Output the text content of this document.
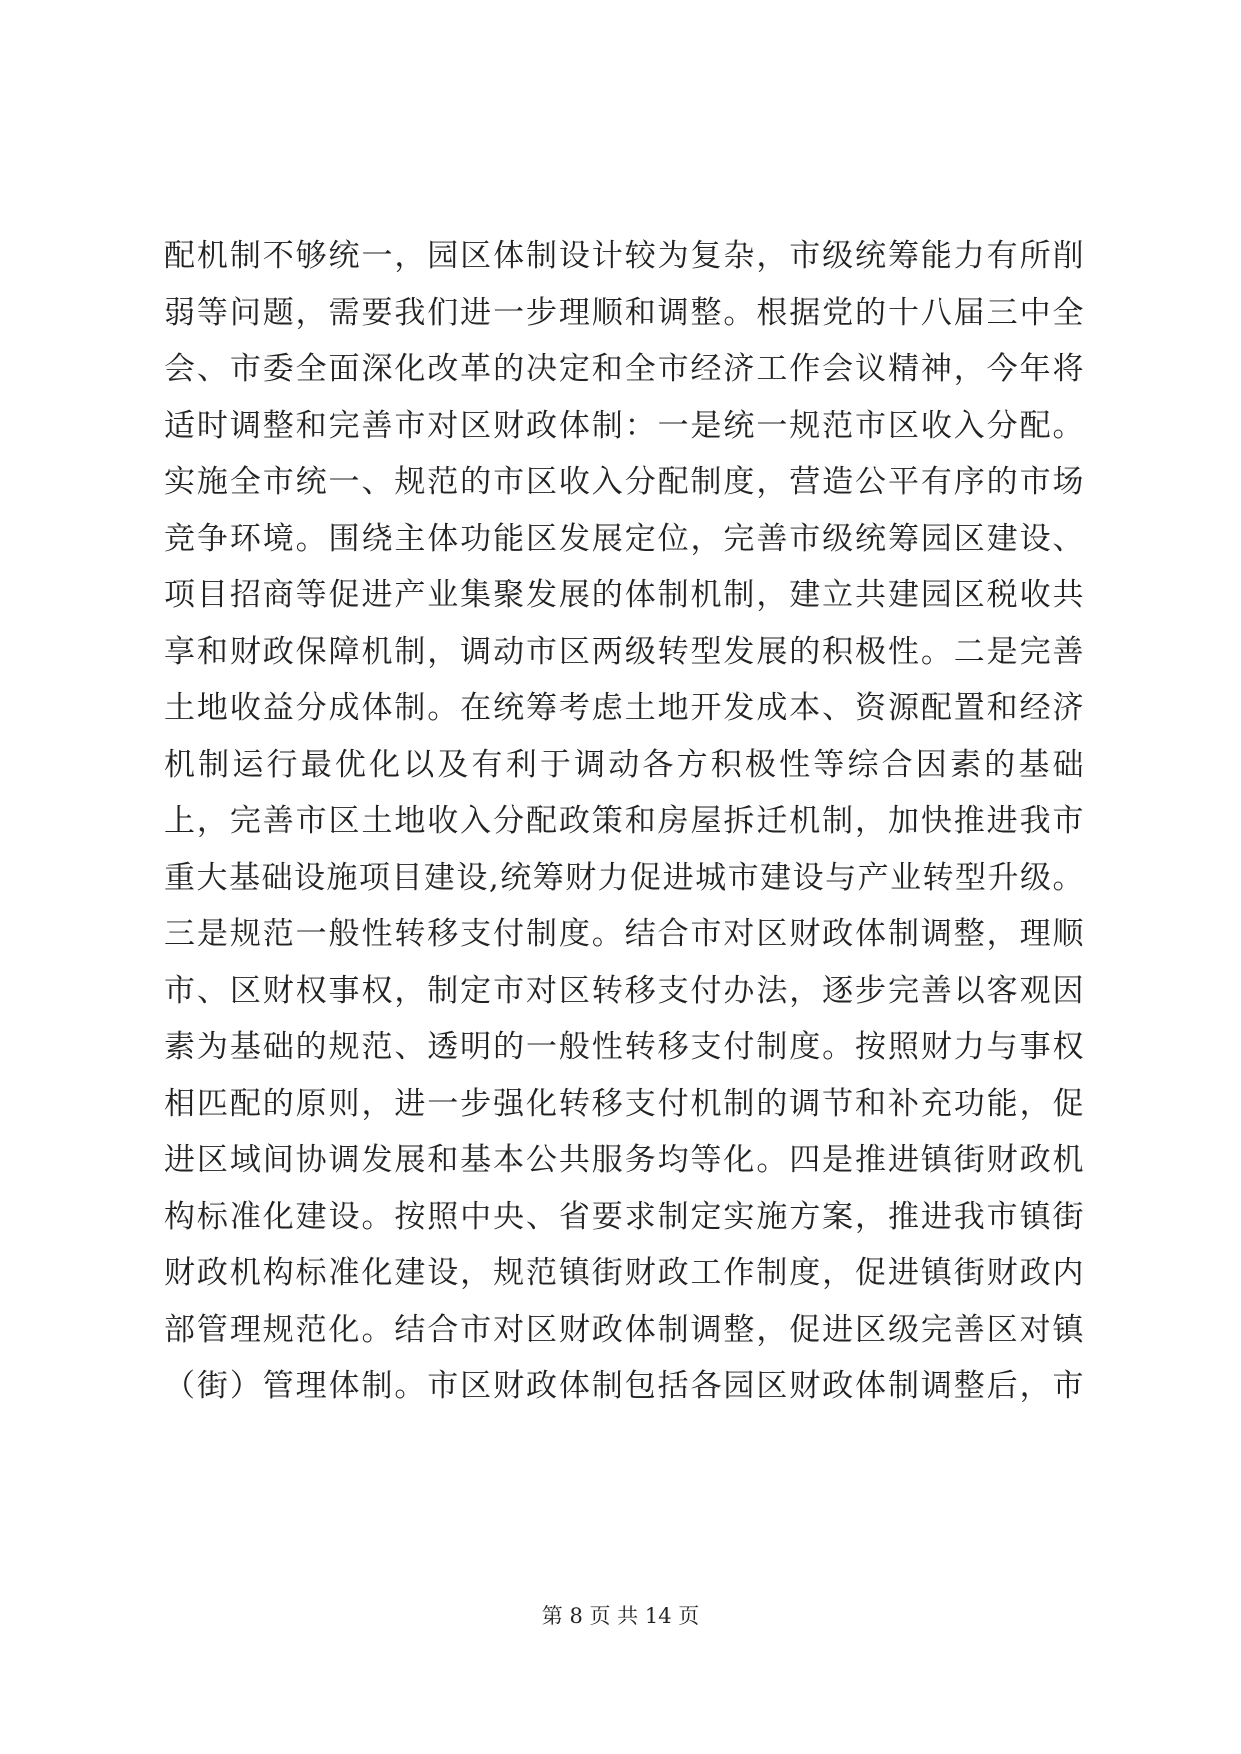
配机制不够统一，园区体制设计较为复杂，市级统筹能力有所削
弱等问题，需要我们进一步理顺和调整。根据党的十八届三中全
会、市委全面深化改革的决定和全市经济工作会议精神，今年将
适时调整和完善市对区财政体制：一是统一规范市区收入分配。
实施全市统一、规范的市区收入分配制度，营造公平有序的市场
竞争环境。围绕主体功能区发展定位，完善市级统筹园区建设、
项目招商等促进产业集聚发展的体制机制，建立共建园区税收共
享和财政保障机制，调动市区两级转型发展的积极性。二是完善
土地收益分成体制。在统筹考虑土地开发成本、资源配置和经济
机制运行最优化以及有利于调动各方积极性等综合因素的基础
上，完善市区土地收入分配政策和房屋拆迁机制，加快推进我市
重大基础设施项目建设,统筹财力促进城市建设与产业转型升级。
三是规范一般性转移支付制度。结合市对区财政体制调整，理顺
市、区财权事权，制定市对区转移支付办法，逐步完善以客观因
素为基础的规范、透明的一般性转移支付制度。按照财力与事权
相匹配的原则，进一步强化转移支付机制的调节和补充功能，促
进区域间协调发展和基本公共服务均等化。四是推进镇街财政机
构标准化建设。按照中央、省要求制定实施方案，推进我市镇街
财政机构标准化建设，规范镇街财政工作制度，促进镇街财政内
部管理规范化。结合市对区财政体制调整，促进区级完善区对镇
（街）管理体制。市区财政体制包括各园区财政体制调整后，市
第 8 页 共 14 页
